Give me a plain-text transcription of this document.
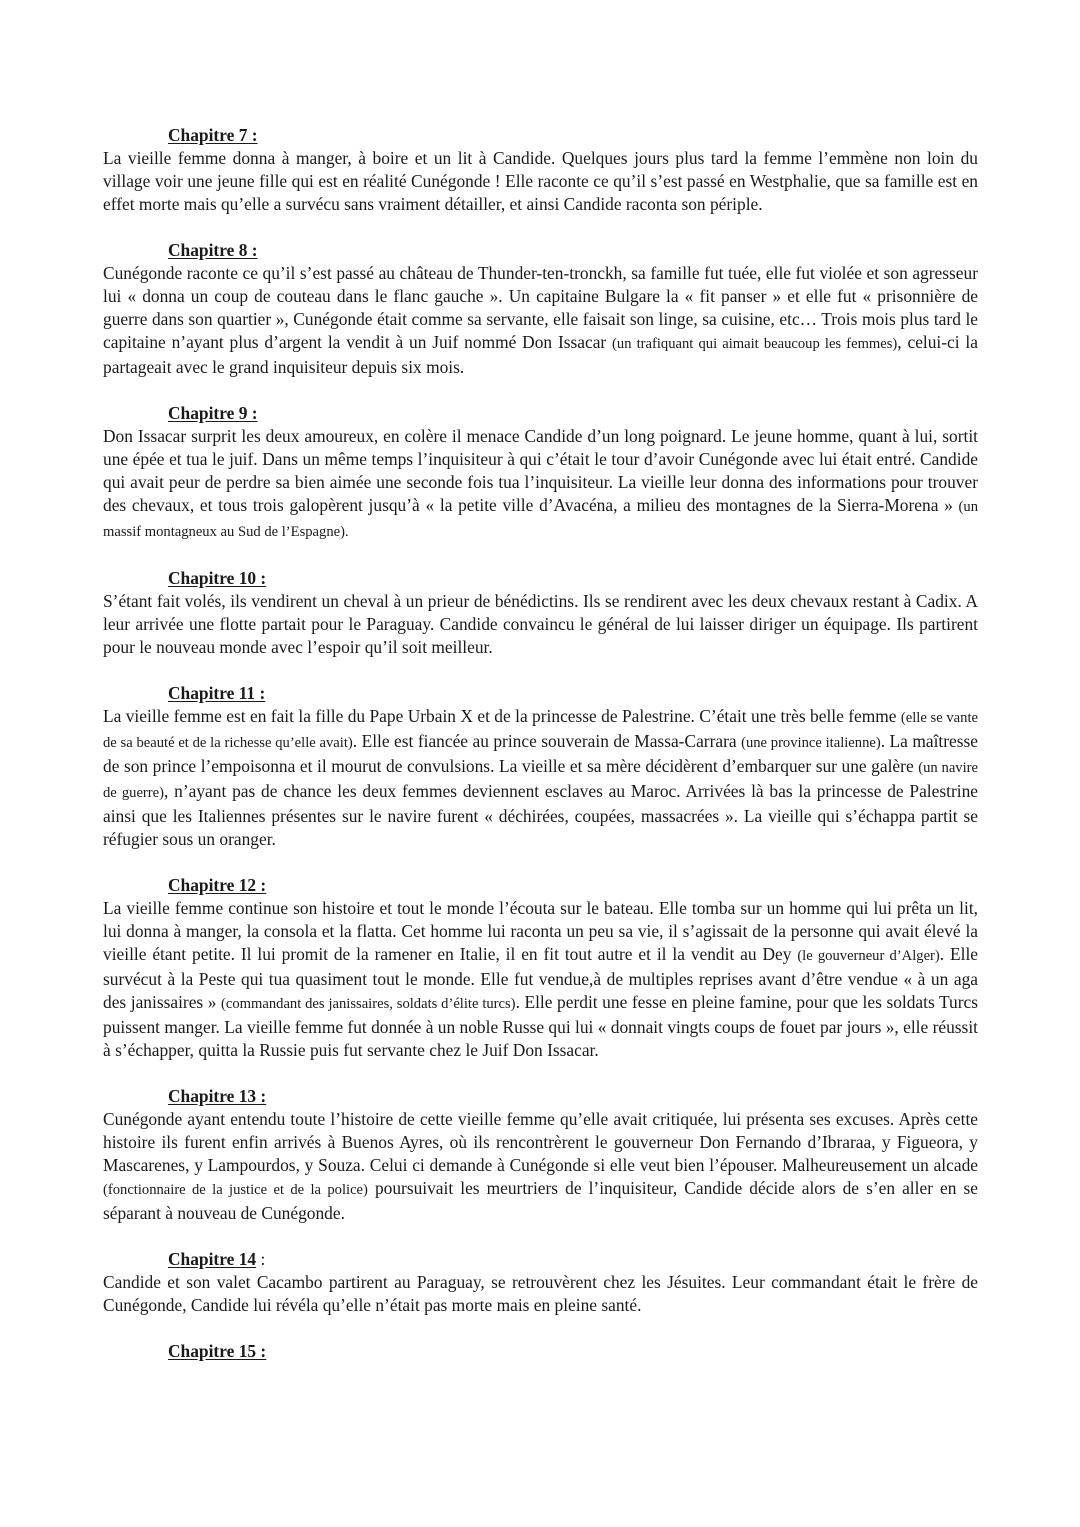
Chapitre 7 :
La vieille femme donna à manger, à boire et un lit à Candide. Quelques jours plus tard la femme l’emmène non loin du village voir une jeune fille qui est en réalité Cunégonde ! Elle raconte ce qu’il s’est passé en Westphalie, que sa famille est en effet morte mais qu’elle a survécu sans vraiment détailler, et ainsi Candide raconta son périple.
Chapitre 8 :
Cunégonde raconte ce qu’il s’est passé au château de Thunder-ten-tronckh, sa famille fut tuée, elle fut violée et son agresseur lui « donna un coup de couteau dans le flanc gauche ». Un capitaine Bulgare la « fit panser » et elle fut « prisonnière de guerre dans son quartier », Cunégonde était comme sa servante, elle faisait son linge, sa cuisine, etc… Trois mois plus tard le capitaine n’ayant plus d’argent la vendit à un Juif nommé Don Issacar (un trafiquant qui aimait beaucoup les femmes), celui-ci la partageait avec le grand inquisiteur depuis six mois.
Chapitre 9 :
Don Issacar surprit les deux amoureux, en colère il menace Candide d’un long poignard. Le jeune homme, quant à lui, sortit une épée et tua le juif. Dans un même temps l’inquisiteur à qui c’était le tour d’avoir Cunégonde avec lui était entré. Candide qui avait peur de perdre sa bien aimée une seconde fois tua l’inquisiteur. La vieille leur donna des informations pour trouver des chevaux, et tous trois galopèrent jusqu’à « la petite ville d’Avacéna, a milieu des montagnes de la Sierra-Morena » (un massif montagneux au Sud de l’Espagne).
Chapitre 10 :
S’étant fait volés, ils vendirent un cheval à un prieur de bénédictins. Ils se rendirent avec les deux chevaux restant à Cadix. A leur arrivée une flotte partait pour le Paraguay. Candide convaincu le général de lui laisser diriger un équipage. Ils partirent pour le nouveau monde avec l’espoir qu’il soit meilleur.
Chapitre 11 :
La vieille femme est en fait la fille du Pape Urbain X et de la princesse de Palestrine. C’était une très belle femme (elle se vante de sa beauté et de la richesse qu’elle avait). Elle est fiancée au prince souverain de Massa-Carrara (une province italienne). La maîtresse de son prince l’empoisonna et il mourut de convulsions. La vieille et sa mère décidèrent d’embarquer sur une galère (un navire de guerre), n’ayant pas de chance les deux femmes deviennent esclaves au Maroc. Arrivées là bas la princesse de Palestrine ainsi que les Italiennes présentes sur le navire furent « déchirées, coupées, massacrées ». La vieille qui s’échappa partit se réfugier sous un oranger.
Chapitre 12 :
La vieille femme continue son histoire et tout le monde l’écouta sur le bateau. Elle tomba sur un homme qui lui prêta un lit, lui donna à manger, la consola et la flatta. Cet homme lui raconta un peu sa vie, il s’agissait de la personne qui avait élevé la vieille étant petite. Il lui promit de la ramener en Italie, il en fit tout autre et il la vendit au Dey (le gouverneur d’Alger). Elle survécut à la Peste qui tua quasiment tout le monde. Elle fut vendue,à de multiples reprises avant d’être vendue « à un aga des janissaires » (commandant des janissaires, soldats d’élite turcs). Elle perdit une fesse en pleine famine, pour que les soldats Turcs puissent manger. La vieille femme fut donnée à un noble Russe qui lui « donnait vingts coups de fouet par jours », elle réussit à s’échapper, quitta la Russie puis fut servante chez le Juif Don Issacar.
Chapitre 13 :
Cunégonde ayant entendu toute l’histoire de cette vieille femme qu’elle avait critiquée, lui présenta ses excuses. Après cette histoire ils furent enfin arrivés à Buenos Ayres, où ils rencontrèrent le gouverneur Don Fernando d’Ibraraa, y Figueora, y Mascarenes, y Lampourdos, y Souza. Celui ci demande à Cunégonde si elle veut bien l’épouser. Malheureusement un alcade (fonctionnaire de la justice et de la police) poursuivait les meurtriers de l’inquisiteur, Candide décide alors de s’en aller en se séparant à nouveau de Cunégonde.
Chapitre 14 :
Candide et son valet Cacambo partirent au Paraguay, se retrouvèrent chez les Jésuites. Leur commandant était le frère de Cunégonde, Candide lui révéla qu’elle n’était pas morte mais en pleine santé.
Chapitre 15 :
